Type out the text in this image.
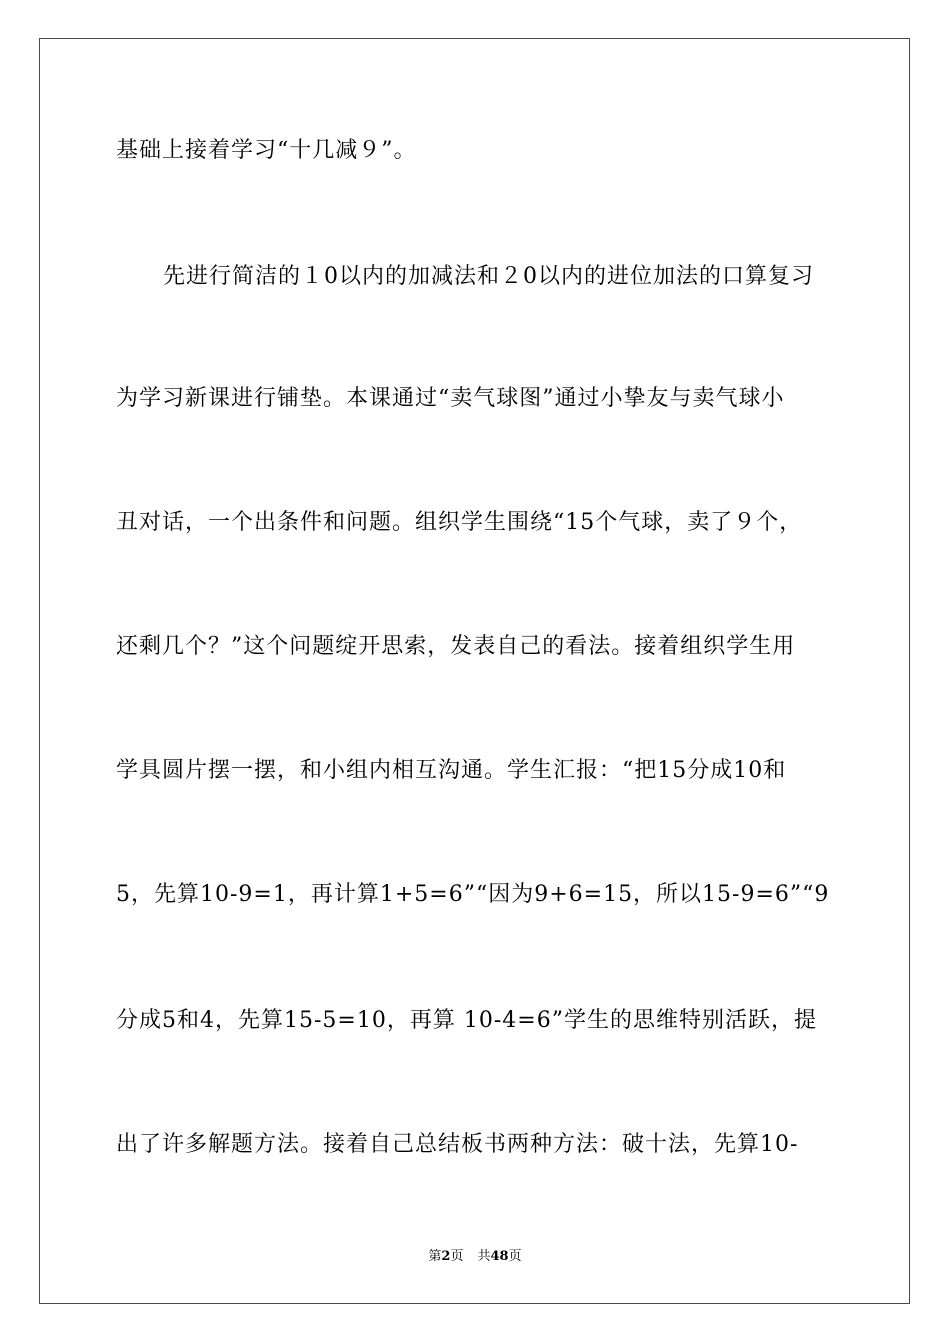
基础上接着学习“十几减９”。
先进行简洁的１0以内的加减法和２0以内的进位加法的口算复习
为学习新课进行铺垫。本课通过“卖气球图”通过小挚友与卖气球小
丑对话，一个出条件和问题。组织学生围绕“15个气球，卖了９个，
还剩几个？”这个问题绽开思索，发表自己的看法。接着组织学生用
学具圆片摆一摆，和小组内相互沟通。学生汇报：“把15分成10和
5，先算10-9=1，再计算1+5=6”“因为9+6=15，所以15-9=6”“9
分成5和4，先算15-5=10，再算 10-4=6”学生的思维特别活跃，提
出了许多解题方法。接着自己总结板书两种方法：破十法，先算10-
第2页 共48页
